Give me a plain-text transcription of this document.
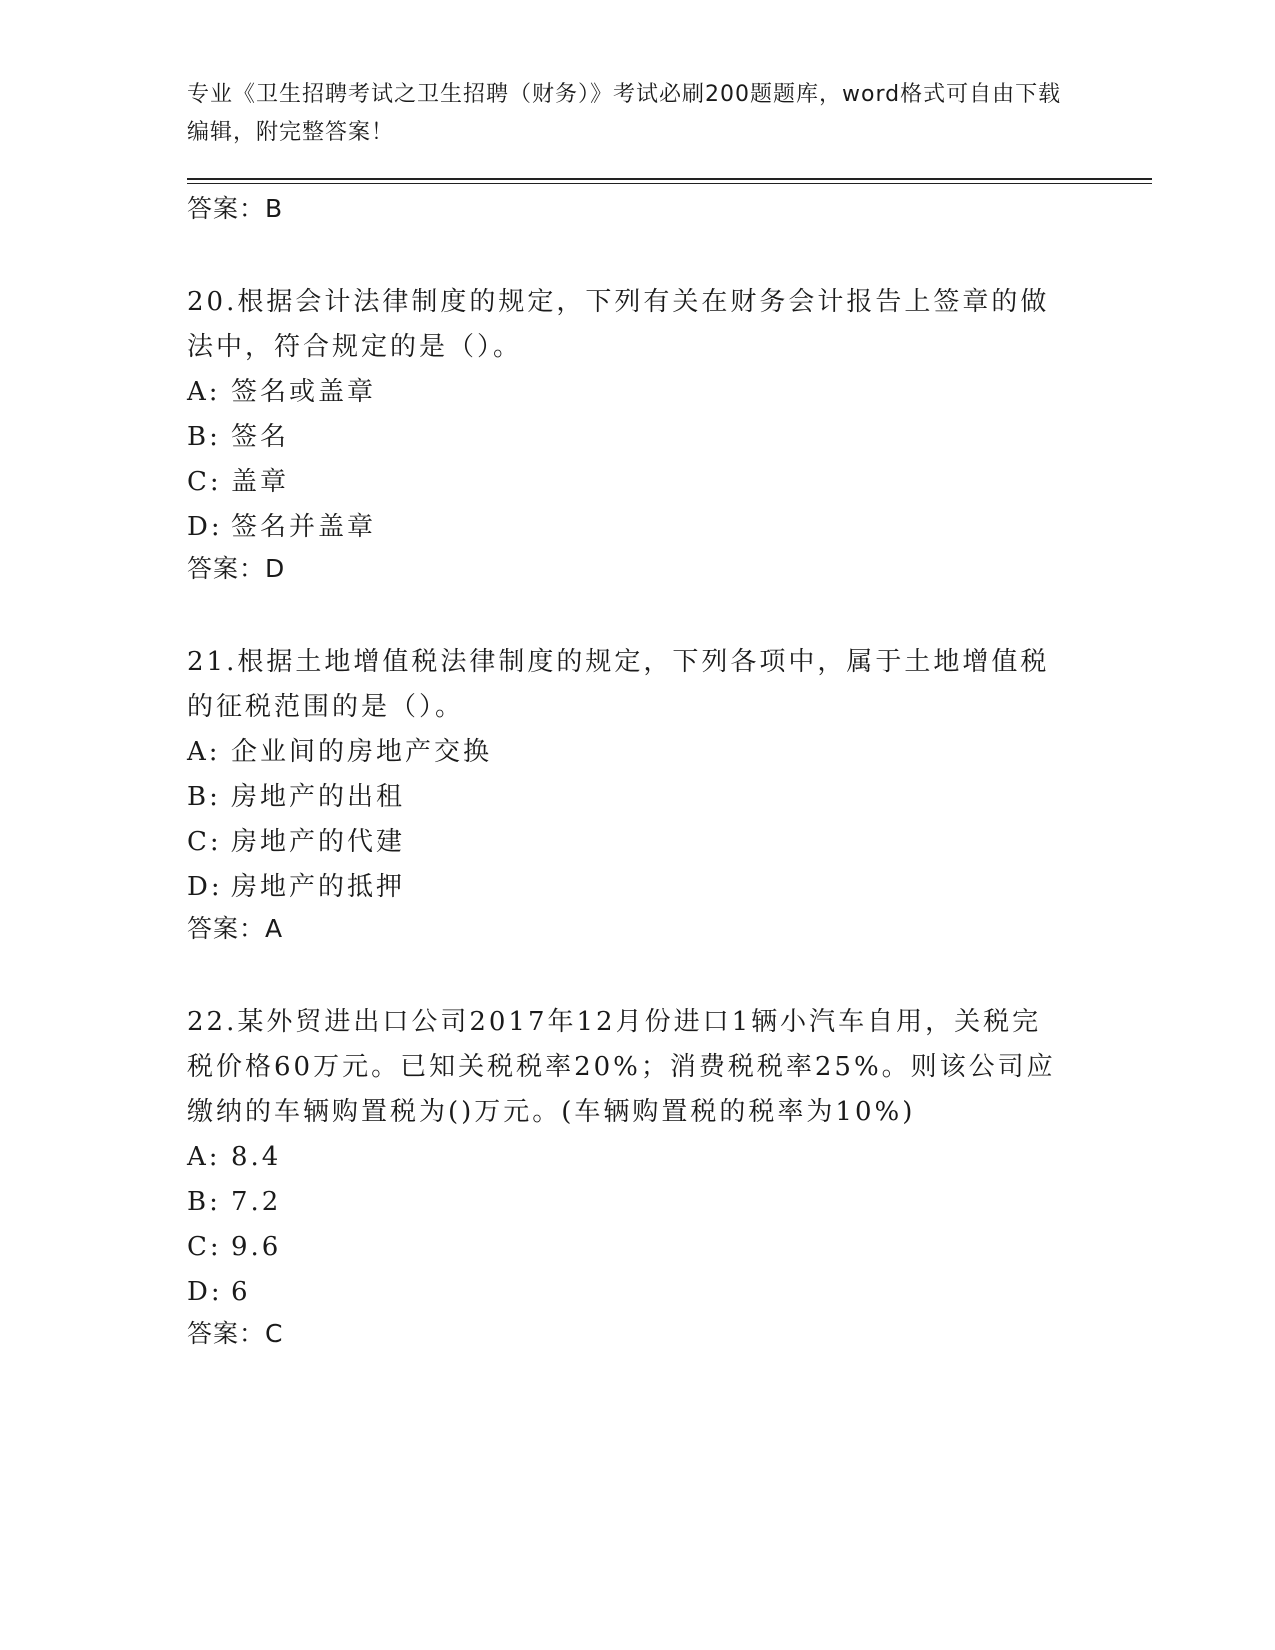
专业《卫生招聘考试之卫生招聘（财务）》考试必刷200题题库，word格式可自由下载编辑，附完整答案！
答案：B
20.根据会计法律制度的规定，下列有关在财务会计报告上签章的做法中，符合规定的是（）。
A: 签名或盖章
B: 签名
C: 盖章
D: 签名并盖章
答案：D
21.根据土地增值税法律制度的规定，下列各项中，属于土地增值税的征税范围的是（）。
A: 企业间的房地产交换
B: 房地产的出租
C: 房地产的代建
D: 房地产的抵押
答案：A
22.某外贸进出口公司2017年12月份进口1辆小汽车自用，关税完税价格60万元。已知关税税率20%；消费税税率25%。则该公司应缴纳的车辆购置税为()万元。(车辆购置税的税率为10%)
A: 8.4
B: 7.2
C: 9.6
D: 6
答案：C
